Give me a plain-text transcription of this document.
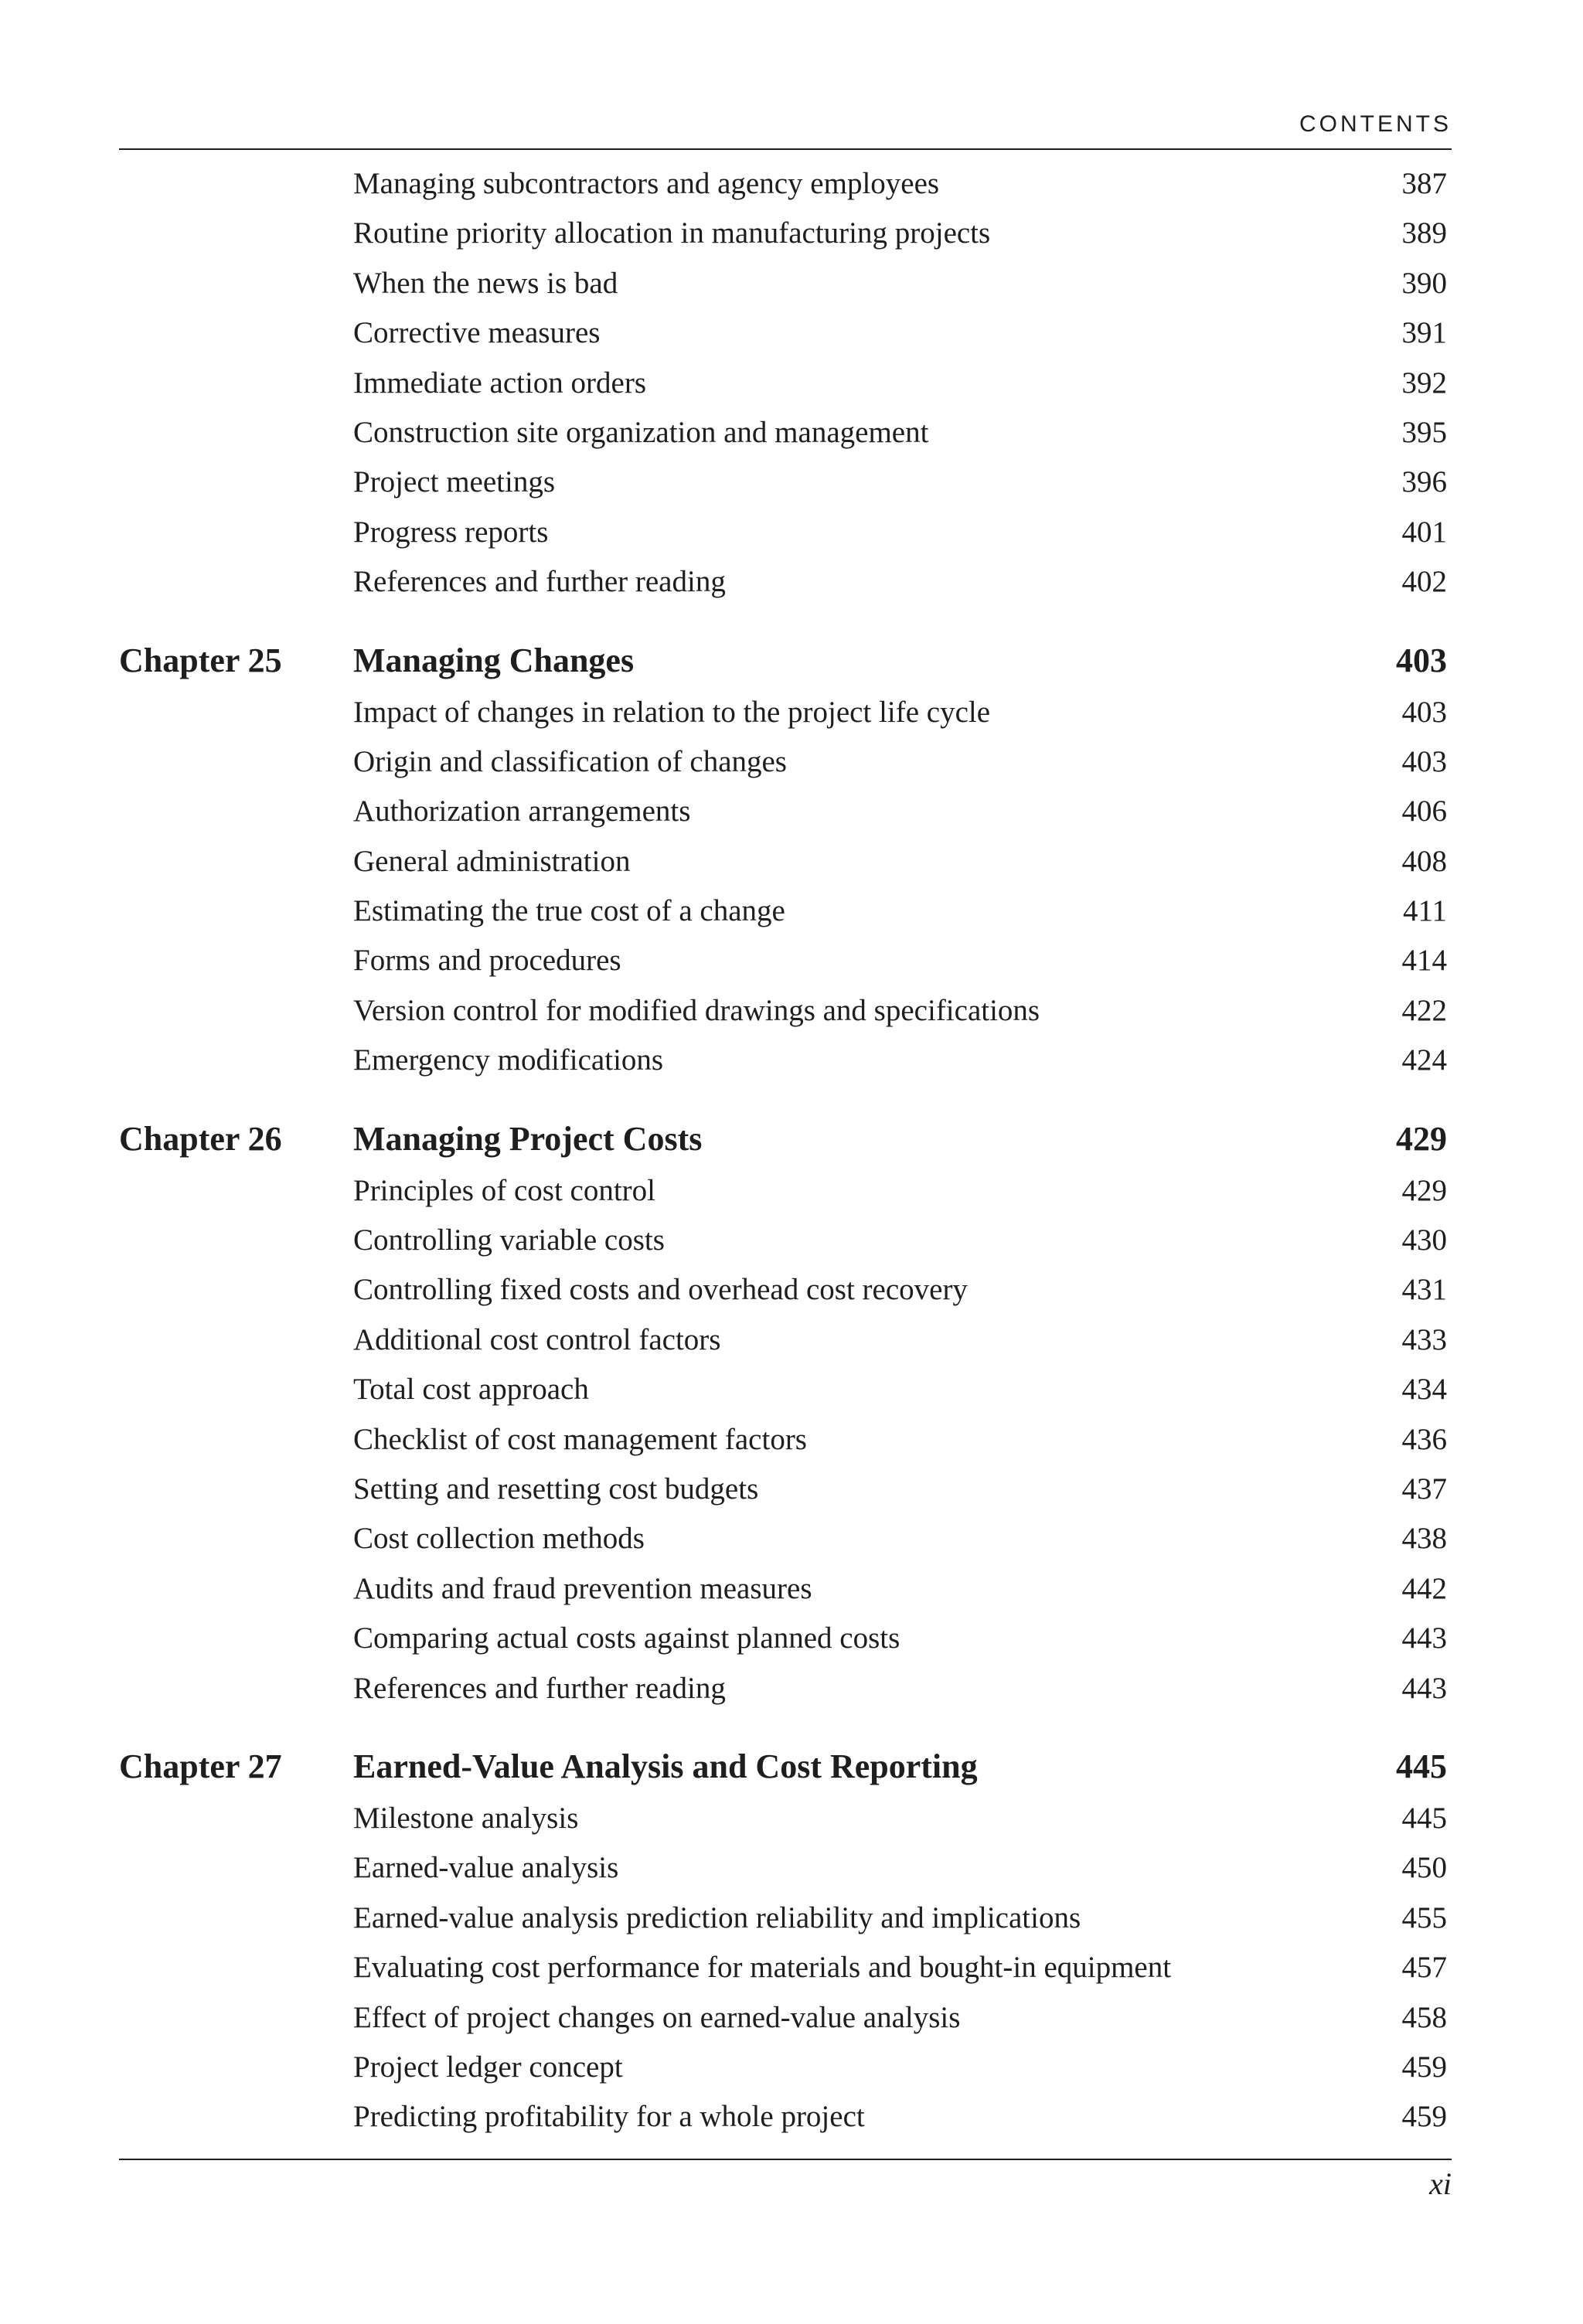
CONTENTS
Managing subcontractors and agency employees	387
Routine priority allocation in manufacturing projects	389
When the news is bad	390
Corrective measures	391
Immediate action orders	392
Construction site organization and management	395
Project meetings	396
Progress reports	401
References and further reading	402
Chapter 25 Managing Changes	403
Impact of changes in relation to the project life cycle	403
Origin and classification of changes	403
Authorization arrangements	406
General administration	408
Estimating the true cost of a change	411
Forms and procedures	414
Version control for modified drawings and specifications	422
Emergency modifications	424
Chapter 26 Managing Project Costs	429
Principles of cost control	429
Controlling variable costs	430
Controlling fixed costs and overhead cost recovery	431
Additional cost control factors	433
Total cost approach	434
Checklist of cost management factors	436
Setting and resetting cost budgets	437
Cost collection methods	438
Audits and fraud prevention measures	442
Comparing actual costs against planned costs	443
References and further reading	443
Chapter 27 Earned-Value Analysis and Cost Reporting	445
Milestone analysis	445
Earned-value analysis	450
Earned-value analysis prediction reliability and implications	455
Evaluating cost performance for materials and bought-in equipment	457
Effect of project changes on earned-value analysis	458
Project ledger concept	459
Predicting profitability for a whole project	459
xi
